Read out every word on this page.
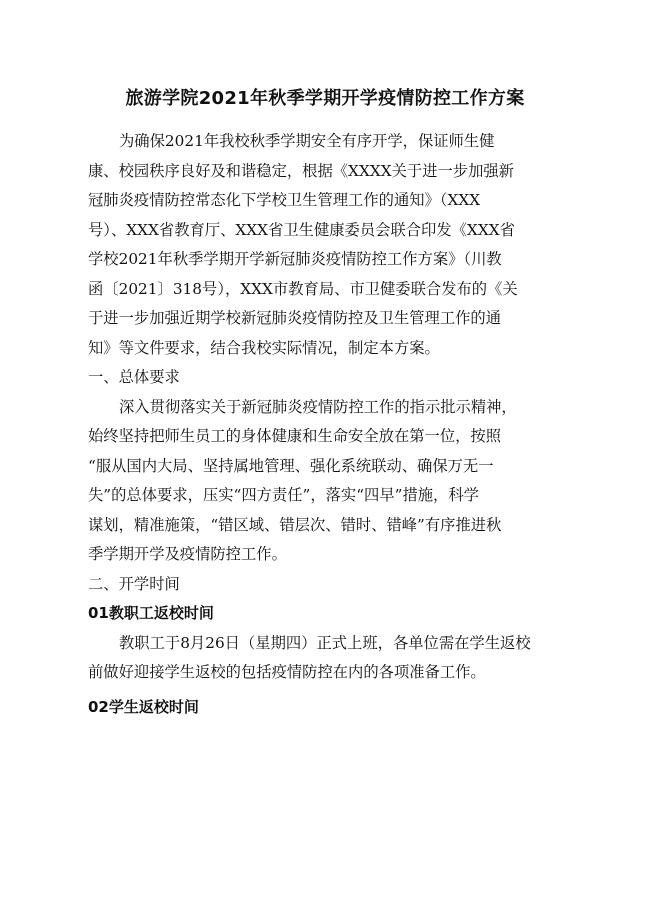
旅游学院2021年秋季学期开学疫情防控工作方案
为确保2021年我校秋季学期安全有序开学，保证师生健
康、校园秩序良好及和谐稳定，根据《XXXX关于进一步加强新
冠肺炎疫情防控常态化下学校卫生管理工作的通知》（XXX
号）、XXX省教育厅、XXX省卫生健康委员会联合印发《XXX省
学校2021年秋季学期开学新冠肺炎疫情防控工作方案》（川教
函〔2021〕318号），XXX市教育局、市卫健委联合发布的《关
于进一步加强近期学校新冠肺炎疫情防控及卫生管理工作的通
知》等文件要求，结合我校实际情况，制定本方案。
一、总体要求
深入贯彻落实关于新冠肺炎疫情防控工作的指示批示精神，
始终坚持把师生员工的身体健康和生命安全放在第一位，按照
“服从国内大局、坚持属地管理、强化系统联动、确保万无一
失”的总体要求，压实“四方责任”，落实“四早”措施，科学
谋划，精准施策，“错区域、错层次、错时、错峰”有序推进秋
季学期开学及疫情防控工作。
二、开学时间
01教职工返校时间
教职工于8月26日（星期四）正式上班，各单位需在学生返校
前做好迎接学生返校的包括疫情防控在内的各项准备工作。
02学生返校时间
